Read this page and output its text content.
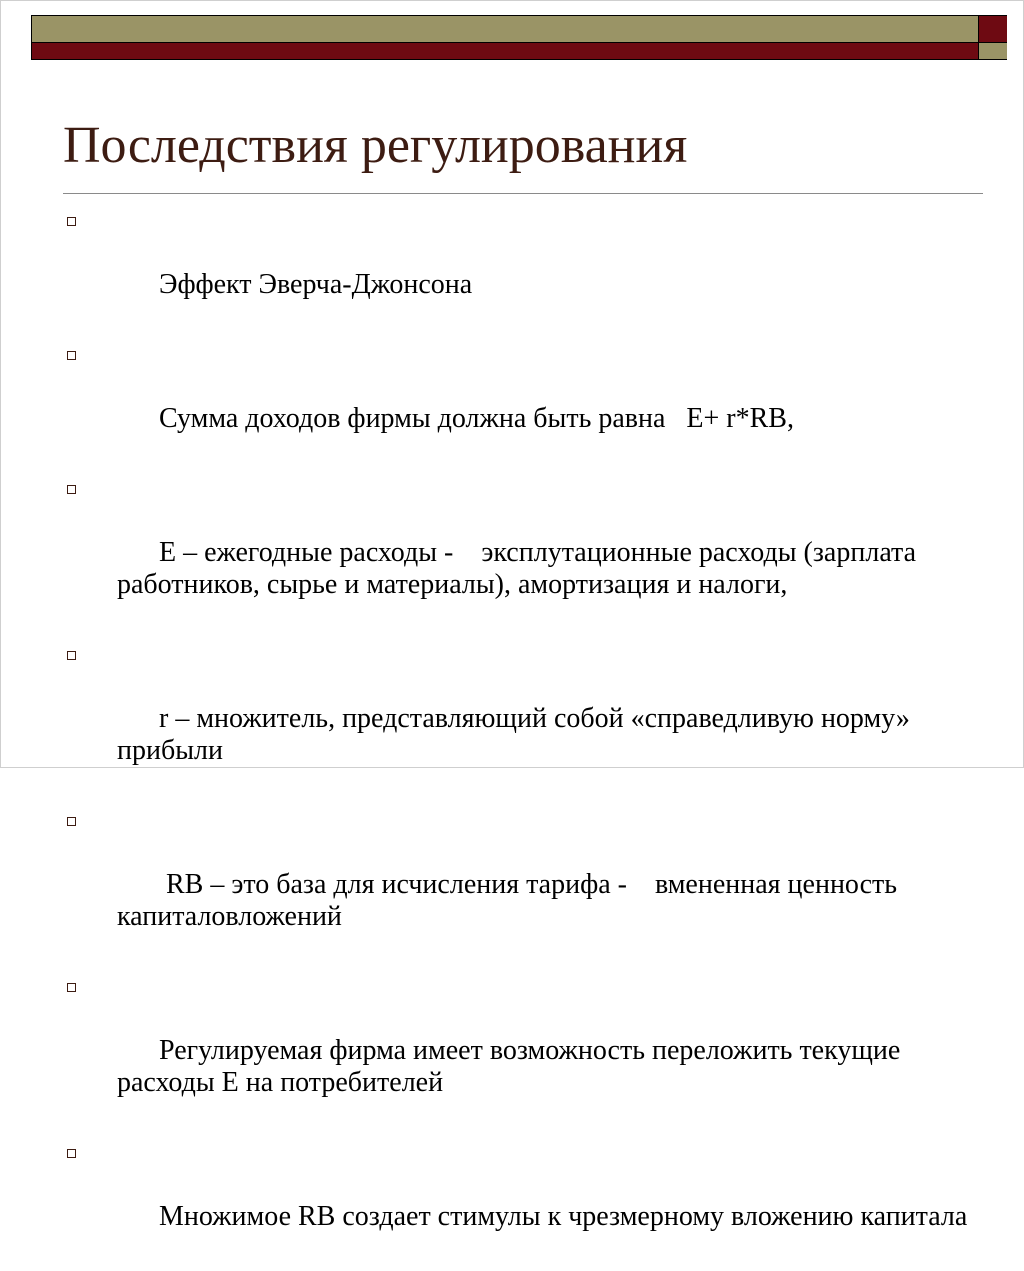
Последствия регулирования

Эффект Эверча-Джонсона

Сумма доходов фирмы должна быть равна   E+ r*RB,

E – ежегодные расходы -    эксплутационные расходы (зарплата работников, сырье и материалы), амортизация и налоги,

r – множитель, представляющий собой «справедливую норму» прибыли

RB – это база для исчисления тарифа -    вмененная ценность капиталовложений

Регулируемая фирма имеет возможность переложить текущие расходы E на потребителей

Множимое RB создает стимулы к чрезмерному вложению капитала
